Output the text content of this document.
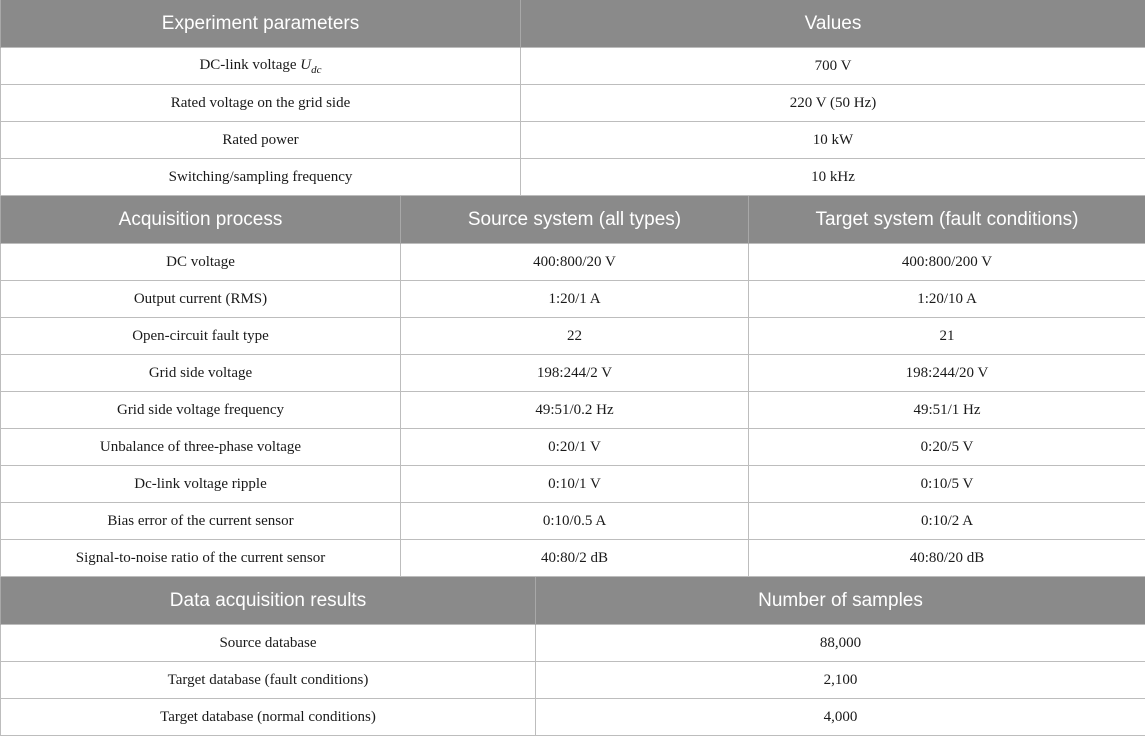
Experiment parameters	Values
DC-link voltage $U_{dc}$	700 V
Rated voltage on the grid side	220 V (50 Hz)
Rated power	10 kW
Switching/sampling frequency	10 kHz
Acquisition process	Source system (all types)	Target system (fault conditions)
DC voltage	400:800/20 V	400:800/200 V
Output current (RMS)	1:20/1 A	1:20/10 A
Open-circuit fault type	22	21
Grid side voltage	198:244/2 V	198:244/20 V
Grid side voltage frequency	49:51/0.2 Hz	49:51/1 Hz
Unbalance of three-phase voltage	0:20/1 V	0:20/5 V
Dc-link voltage ripple	0:10/1 V	0:10/5 V
Bias error of the current sensor	0:10/0.5 A	0:10/2 A
Signal-to-noise ratio of the current sensor	40:80/2 dB	40:80/20 dB
Data acquisition results	Number of samples
Source database	88,000
Target database (fault conditions)	2,100
Target database (normal conditions)	4,000
